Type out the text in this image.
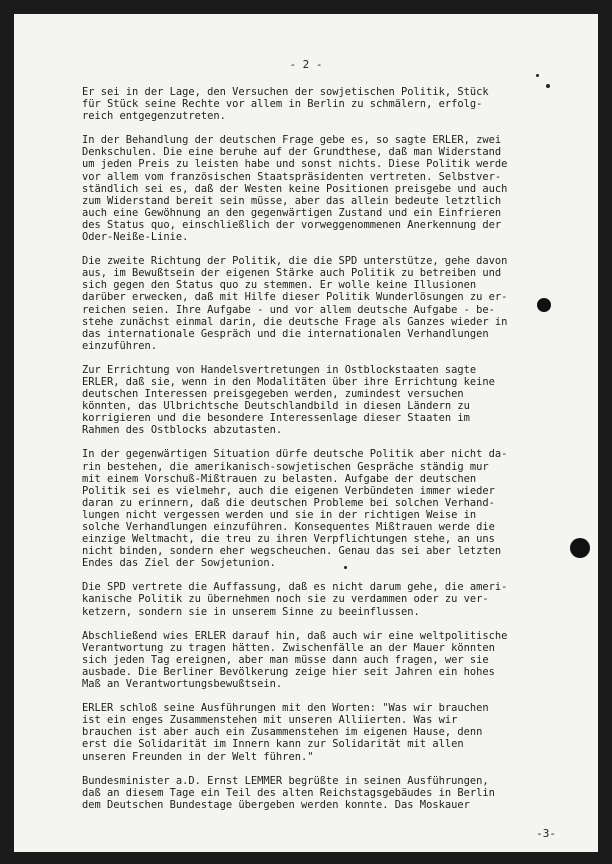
- 2 -
Er sei in der Lage, den Versuchen der sowjetischen Politik, Stück
für Stück seine Rechte vor allem in Berlin zu schmälern, erfolg-
reich entgegenzutreten.
In der Behandlung der deutschen Frage gebe es, so sagte ERLER, zwei
Denkschulen. Die eine beruhe auf der Grundthese, daß man Widerstand
um jeden Preis zu leisten habe und sonst nichts. Diese Politik werde
vor allem vom französischen Staatspräsidenten vertreten. Selbstver-
ständlich sei es, daß der Westen keine Positionen preisgebe und auch
zum Widerstand bereit sein müsse, aber das allein bedeute letztlich
auch eine Gewöhnung an den gegenwärtigen Zustand und ein Einfrieren
des Status quo, einschließlich der vorweggenommenen Anerkennung der
Oder-Neiße-Linie.
Die zweite Richtung der Politik, die die SPD unterstütze, gehe davon
aus, im Bewußtsein der eigenen Stärke auch Politik zu betreiben und
sich gegen den Status quo zu stemmen. Er wolle keine Illusionen
darüber erwecken, daß mit Hilfe dieser Politik Wunderlösungen zu er-
reichen seien. Ihre Aufgabe - und vor allem deutsche Aufgabe - be-
stehe zunächst einmal darin, die deutsche Frage als Ganzes wieder in
das internationale Gespräch und die internationalen Verhandlungen
einzuführen.
Zur Errichtung von Handelsvertretungen in Ostblockstaaten sagte
ERLER, daß sie, wenn in den Modalitäten über ihre Errichtung keine
deutschen Interessen preisgegeben werden, zumindest versuchen
könnten, das Ulbrichtsche Deutschlandbild in diesen Ländern zu
korrigieren und die besondere Interessenlage dieser Staaten im
Rahmen des Ostblocks abzutasten.
In der gegenwärtigen Situation dürfe deutsche Politik aber nicht da-
rin bestehen, die amerikanisch-sowjetischen Gespräche ständig mur
mit einem Vorschuß-Mißtrauen zu belasten. Aufgabe der deutschen
Politik sei es vielmehr, auch die eigenen Verbündeten immer wieder
daran zu erinnern, daß die deutschen Probleme bei solchen Verhand-
lungen nicht vergessen werden und sie in der richtigen Weise in
solche Verhandlungen einzuführen. Konsequentes Mißtrauen werde die
einzige Weltmacht, die treu zu ihren Verpflichtungen stehe, an uns
nicht binden, sondern eher wegscheuchen. Genau das sei aber letzten
Endes das Ziel der Sowjetunion.
Die SPD vertrete die Auffassung, daß es nicht darum gehe, die ameri-
kanische Politik zu übernehmen noch sie zu verdammen oder zu ver-
ketzern, sondern sie in unserem Sinne zu beeinflussen.
Abschließend wies ERLER darauf hin, daß auch wir eine weltpolitische
Verantwortung zu tragen hätten. Zwischenfälle an der Mauer könnten
sich jeden Tag ereignen, aber man müsse dann auch fragen, wer sie
ausbade. Die Berliner Bevölkerung zeige hier seit Jahren ein hohes
Maß an Verantwortungsbewußtsein.
ERLER schloß seine Ausführungen mit den Worten: "Was wir brauchen
ist ein enges Zusammenstehen mit unseren Alliierten. Was wir
brauchen ist aber auch ein Zusammenstehen im eigenen Hause, denn
erst die Solidarität im Innern kann zur Solidarität mit allen
unseren Freunden in der Welt führen."
Bundesminister a.D. Ernst LEMMER begrüßte in seinen Ausführungen,
daß an diesem Tage ein Teil des alten Reichstagsgebäudes in Berlin
dem Deutschen Bundestage übergeben werden konnte. Das Moskauer
-3-
